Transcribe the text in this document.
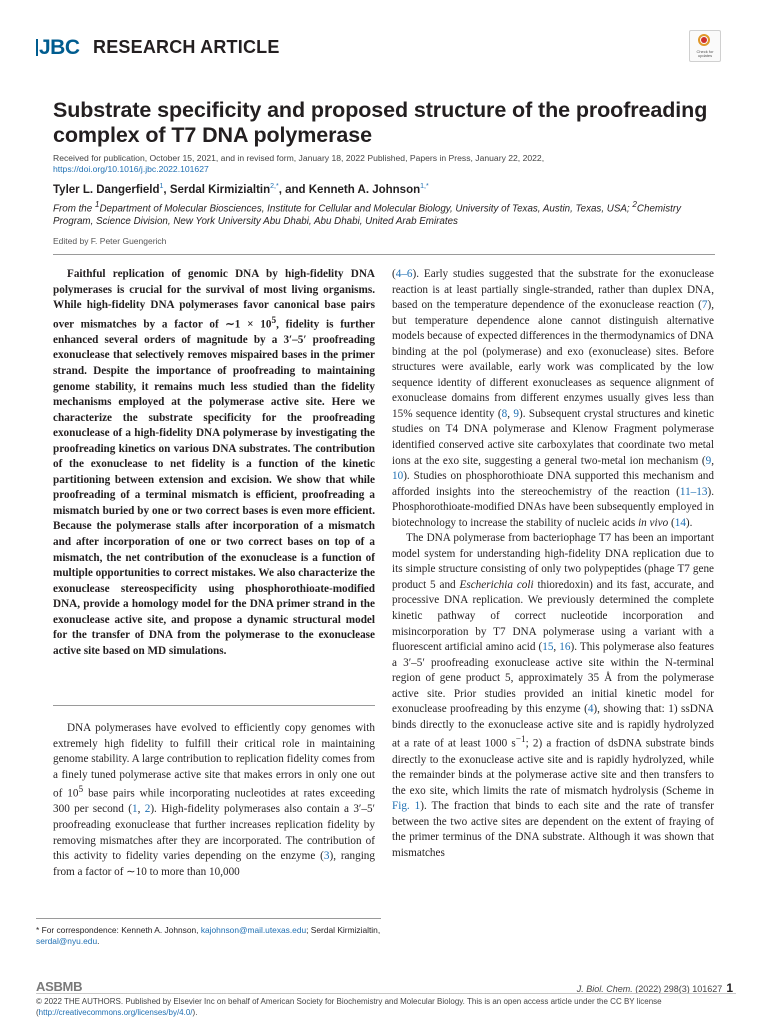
JBC RESEARCH ARTICLE	Check for updates
Substrate specificity and proposed structure of the proofreading complex of T7 DNA polymerase
Received for publication, October 15, 2021, and in revised form, January 18, 2022 Published, Papers in Press, January 22, 2022,
https://doi.org/10.1016/j.jbc.2022.101627
Tyler L. Dangerfield$^1$, Serdal Kirmizialtin$^{2,*}$, and Kenneth A. Johnson$^{1,*}$
From the $^1$Department of Molecular Biosciences, Institute for Cellular and Molecular Biology, University of Texas, Austin, Texas, USA; $^2$Chemistry Program, Science Division, New York University Abu Dhabi, Abu Dhabi, United Arab Emirates
Edited by F. Peter Guengerich

Faithful replication of genomic DNA by high-fidelity DNA polymerases is crucial for the survival of most living organisms. While high-fidelity DNA polymerases favor canonical base pairs over mismatches by a factor of ∼1 × $10^5$, fidelity is further enhanced several orders of magnitude by a 3′–5′ proofreading exonuclease that selectively removes mispaired bases in the primer strand. Despite the importance of proofreading to maintaining genome stability, it remains much less studied than the fidelity mechanisms employed at the polymerase active site. Here we characterize the substrate specificity for the proofreading exonuclease of a high-fidelity DNA polymerase by investigating the proofreading kinetics on various DNA substrates. The contribution of the exonuclease to net fidelity is a function of the kinetic partitioning between extension and excision. We show that while proofreading of a terminal mismatch is efficient, proofreading a mismatch buried by one or two correct bases is even more efficient. Because the polymerase stalls after incorporation of a mismatch and after incorporation of one or two correct bases on top of a mismatch, the net contribution of the exonuclease is a function of multiple opportunities to correct mistakes. We also characterize the exonuclease stereospecificity using phosphorothioate-modified DNA, provide a homology model for the DNA primer strand in the exonuclease active site, and propose a dynamic structural model for the transfer of DNA from the polymerase to the exonuclease active site based on MD simulations.

DNA polymerases have evolved to efficiently copy genomes with extremely high fidelity to fulfill their critical role in maintaining genome stability. A large contribution to replication fidelity comes from a finely tuned polymerase active site that makes errors in only one out of $10^5$ base pairs while incorporating nucleotides at rates exceeding 300 per second (1, 2). High-fidelity polymerases also contain a 3′–5′ proofreading exonuclease that further increases replication fidelity by removing mismatches after they are incorporated. The contribution of this activity to fidelity varies depending on the enzyme (3), ranging from a factor of ∼10 to more than 10,000

(4–6). Early studies suggested that the substrate for the exonuclease reaction is at least partially single-stranded, rather than duplex DNA, based on the temperature dependence of the exonuclease reaction (7), but temperature dependence alone cannot distinguish alternative models because of expected differences in the thermodynamics of DNA binding at the pol (polymerase) and exo (exonuclease) sites. Before structures were available, early work was complicated by the low sequence identity of different exonucleases as sequence alignment of exonuclease domains from different enzymes usually gives less than 15% sequence identity (8, 9). Subsequent crystal structures and kinetic studies on T4 DNA polymerase and Klenow Fragment polymerase identified conserved active site carboxylates that coordinate two metal ions at the exo site, suggesting a general two-metal ion mechanism (9, 10). Studies on phosphorothioate DNA supported this mechanism and afforded insights into the stereochemistry of the reaction (11–13). Phosphorothioate-modified DNAs have been subsequently employed in biotechnology to increase the stability of nucleic acids in vivo (14).

The DNA polymerase from bacteriophage T7 has been an important model system for understanding high-fidelity DNA replication due to its simple structure consisting of only two polypeptides (phage T7 gene product 5 and Escherichia coli thioredoxin) and its fast, accurate, and processive DNA replication. We previously determined the complete kinetic pathway of correct nucleotide incorporation and misincorporation by T7 DNA polymerase using a variant with a fluorescent artificial amino acid (15, 16). This polymerase also features a 3′–5′ proofreading exonuclease active site within the N-terminal region of gene product 5, approximately 35 Å from the polymerase active site. Prior studies provided an initial kinetic model for exonuclease proofreading by this enzyme (4), showing that: 1) ssDNA binds directly to the exonuclease active site and is rapidly hydrolyzed at a rate of at least 1000 $s^{-1}$; 2) a fraction of dsDNA substrate binds directly to the exonuclease active site and is rapidly hydrolyzed, while the remainder binds at the polymerase active site and then transfers to the exo site, which limits the rate of mismatch hydrolysis (Scheme in Fig. 1). The fraction that binds to each site and the rate of transfer between the two active sites are dependent on the extent of fraying of the primer terminus of the DNA substrate. Although it was shown that mismatches

* For correspondence: Kenneth A. Johnson, kajohnson@mail.utexas.edu; Serdal Kirmizialtin, serdal@nyu.edu.
ASBMB	J. Biol. Chem. (2022) 298(3) 101627 1
© 2022 THE AUTHORS. Published by Elsevier Inc on behalf of American Society for Biochemistry and Molecular Biology. This is an open access article under the CC BY license (http://creativecommons.org/licenses/by/4.0/).
